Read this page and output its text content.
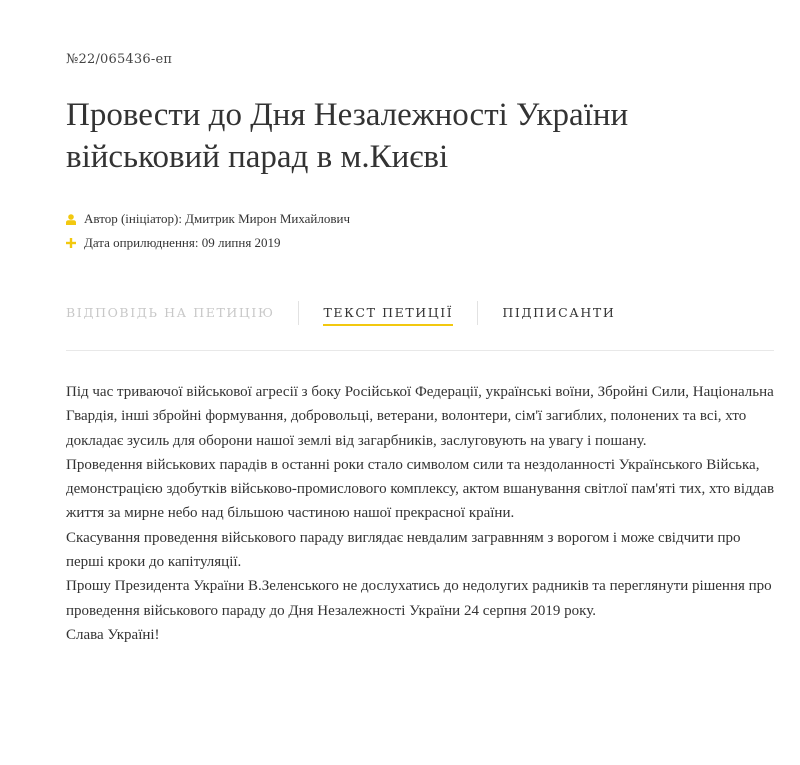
№22/065436-еп
Провести до Дня Незалежності України військовий парад в м.Києві
Автор (ініціатор): Дмитрик Мирон Михайлович
Дата оприлюднення: 09 липня 2019
ВІДПОВІДЬ НА ПЕТИЦІЮ	ТЕКСТ ПЕТИЦІЇ	ПІДПИСАНТИ

Під час триваючої військової агресії з боку Російської Федерації, українські воїни, Збройні Сили, Національна Гвардія, інші збройні формування, добровольці, ветерани, волонтери, сім'ї загиблих, полонених та всі, хто докладає зусиль для оборони нашої землі від загарбників, заслуговують на увагу і пошану.

Проведення військових парадів в останні роки стало символом сили та нездоланності Українського Війська, демонстрацією здобутків військово-промислового комплексу, актом вшанування світлої пам'яті тих, хто віддав життя за мирне небо над більшою частиною нашої прекрасної країни.

Скасування проведення військового параду виглядає невдалим загравнням з ворогом і може свідчити про перші кроки до капітуляції.

Прошу Президента України В.Зеленського не дослухатись до недолугих радників та переглянути рішення про проведення військового параду до Дня Незалежності України 24 серпня 2019 року.

Слава Україні!
